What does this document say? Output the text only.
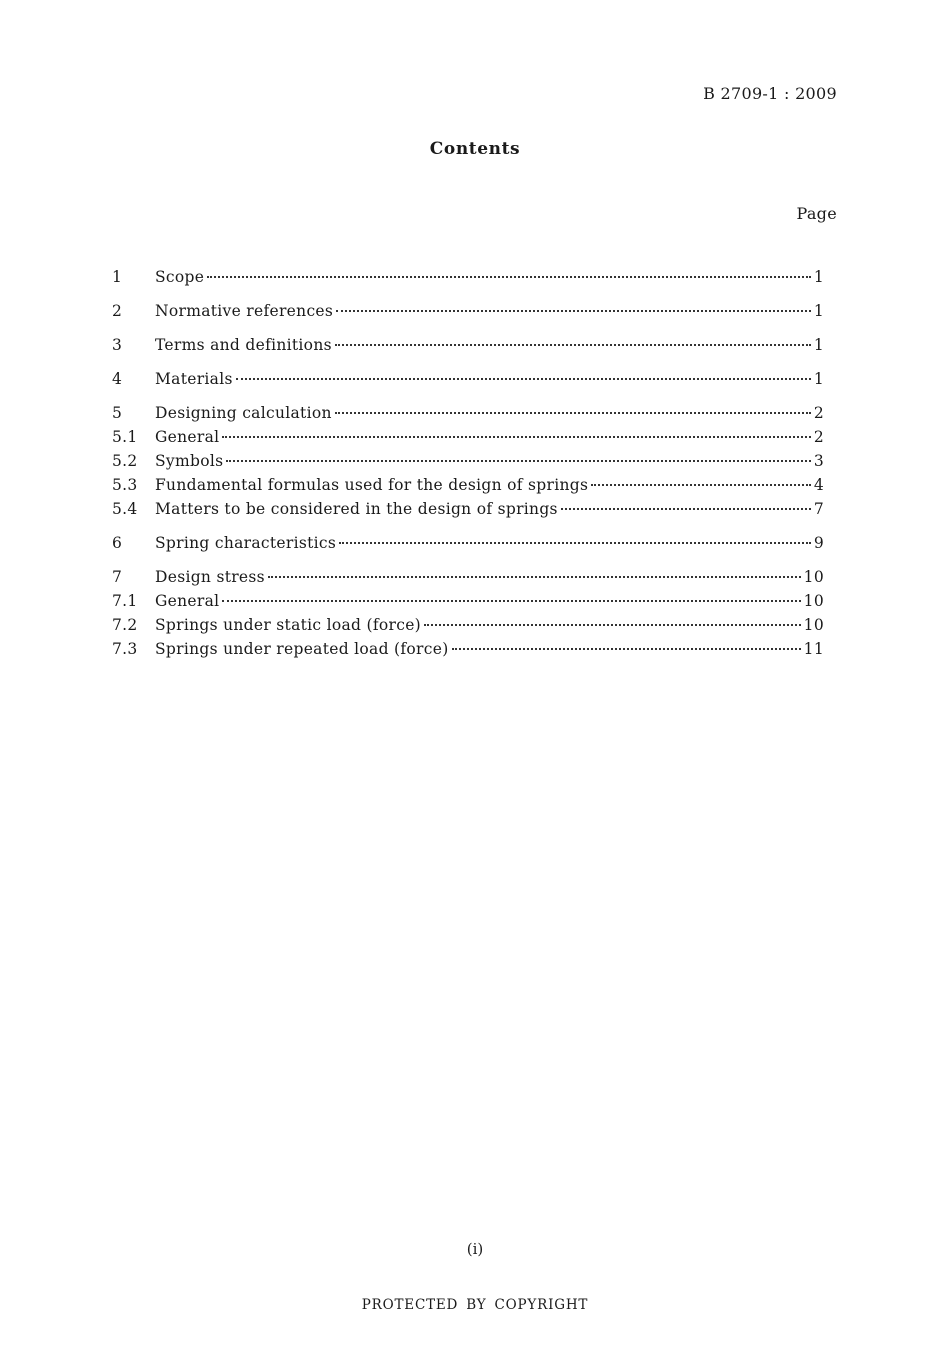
B 2709-1 : 2009
Contents
Page
1	Scope	1
2	Normative references	1
3	Terms and definitions	1
4	Materials	1
5	Designing calculation	2
5.1	General	2
5.2	Symbols	3
5.3	Fundamental formulas used for the design of springs	4
5.4	Matters to be considered in the design of springs	7
6	Spring characteristics	9
7	Design stress	10
7.1	General	10
7.2	Springs under static load (force)	10
7.3	Springs under repeated load (force)	11
(i)
PROTECTED BY COPYRIGHT
